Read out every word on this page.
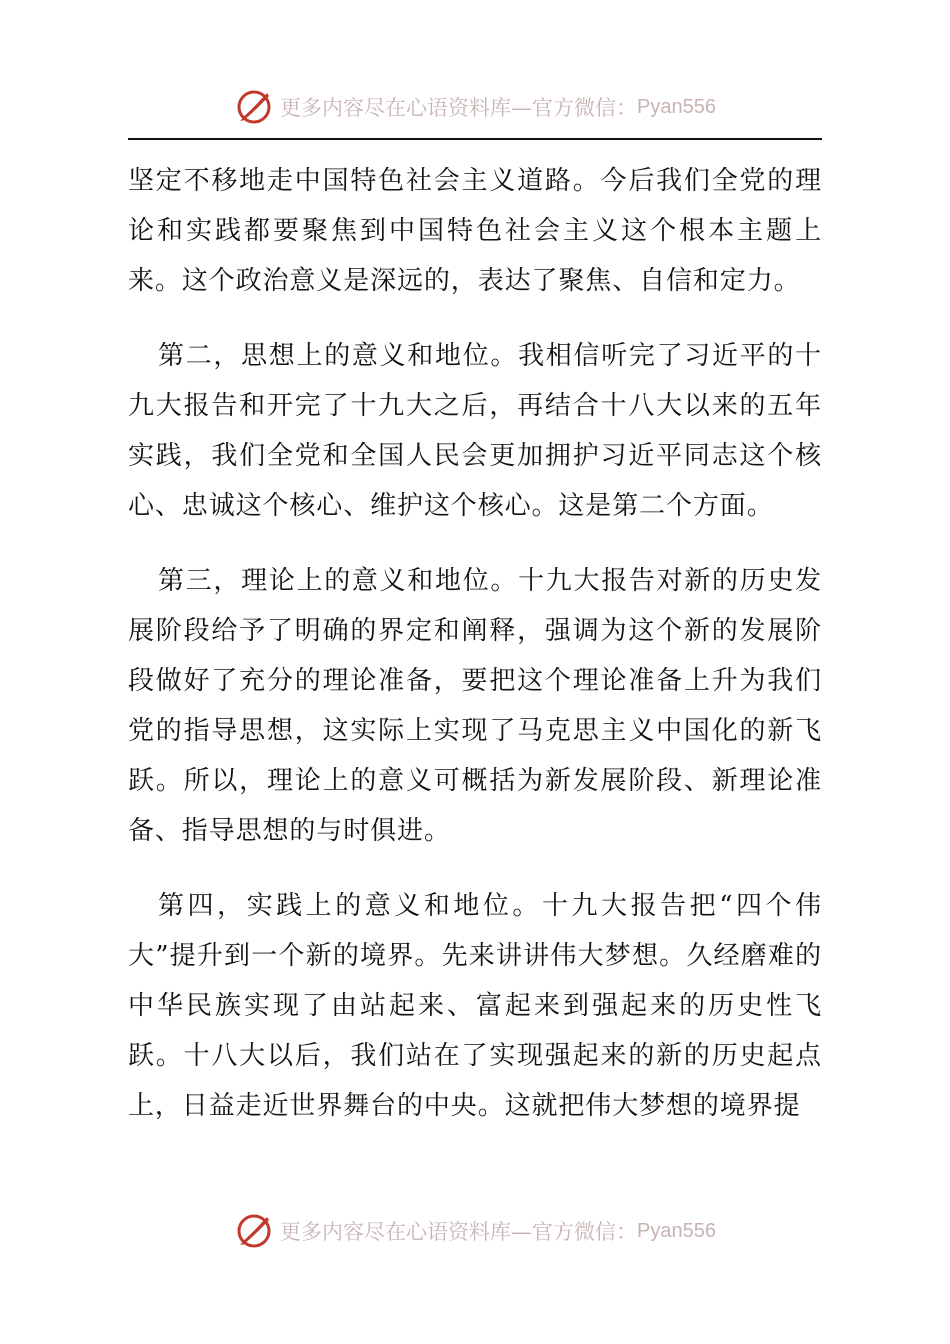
更多内容尽在心语资料库—官方微信： Pyan556

坚定不移地走中国特色社会主义道路。今后我们全党的理论和实践都要聚焦到中国特色社会主义这个根本主题上来。这个政治意义是深远的，表达了聚焦、自信和定力。

第二，思想上的意义和地位。我相信听完了习近平的十九大报告和开完了十九大之后，再结合十八大以来的五年实践，我们全党和全国人民会更加拥护习近平同志这个核心、忠诚这个核心、维护这个核心。这是第二个方面。

第三，理论上的意义和地位。十九大报告对新的历史发展阶段给予了明确的界定和阐释，强调为这个新的发展阶段做好了充分的理论准备，要把这个理论准备上升为我们党的指导思想，这实际上实现了马克思主义中国化的新飞跃。所以，理论上的意义可概括为新发展阶段、新理论准备、指导思想的与时俱进。

第四，实践上的意义和地位。十九大报告把“四个伟大”提升到一个新的境界。先来讲讲伟大梦想。久经磨难的中华民族实现了由站起来、富起来到强起来的历史性飞跃。十八大以后，我们站在了实现强起来的新的历史起点上，日益走近世界舞台的中央。这就把伟大梦想的境界提

更多内容尽在心语资料库—官方微信： Pyan556
